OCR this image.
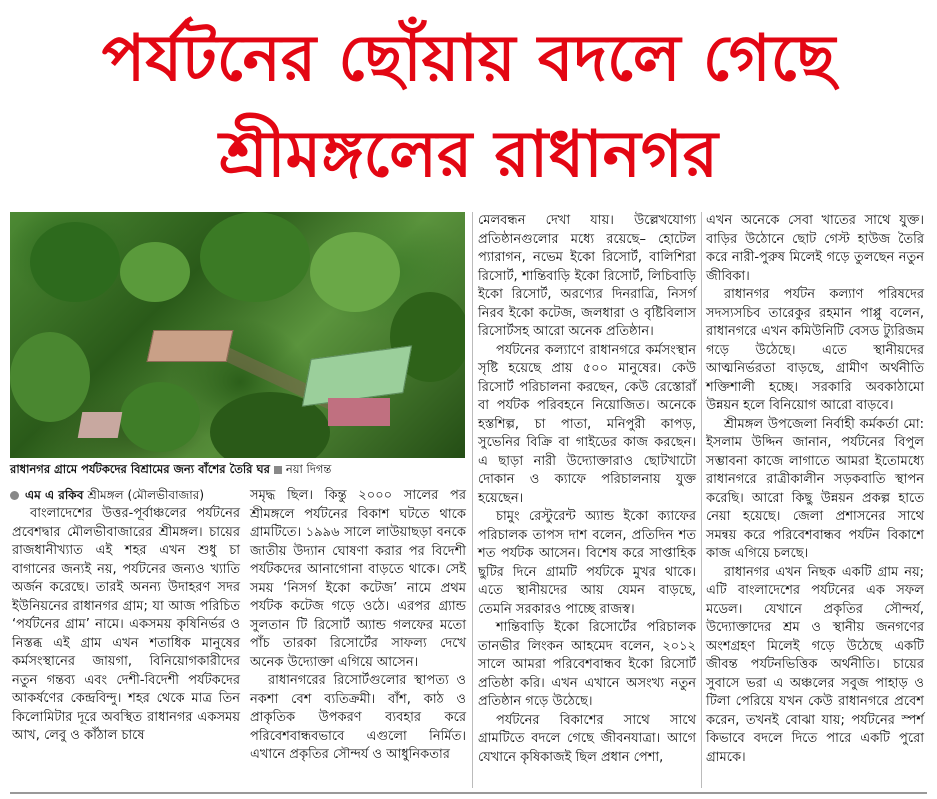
পর্যটনের ছোঁয়ায় বদলে গেছে
শ্রীমঙ্গলের রাধানগর
রাধানগর গ্রামে পর্যটকদের বিশ্রামের জন্য বাঁশের তৈরি ঘর নয়া দিগন্ত
এম এ রকিব শ্রীমঙ্গল (মৌলভীবাজার)

বাংলাদেশের উত্তর-পূর্বাঞ্চলের পর্যটনের প্রবেশদ্বার মৌলভীবাজারের শ্রীমঙ্গল। চায়ের রাজধানীখ্যাত এই শহর এখন শুধু চা বাগানের জন্যই নয়, পর্যটনের জন্যও খ্যাতি অর্জন করেছে। তারই অনন্য উদাহরণ সদর ইউনিয়নের রাধানগর গ্রাম; যা আজ পরিচিত ‘পর্যটনের গ্রাম’ নামে। একসময় কৃষিনির্ভর ও নিস্তব্ধ এই গ্রাম এখন শতাধিক মানুষের কর্মসংস্থানের জায়গা, বিনিয়োগকারীদের নতুন গন্তব্য এবং দেশী-বিদেশী পর্যটকদের আকর্ষণের কেন্দ্রবিন্দু। শহর থেকে মাত্র তিন কিলোমিটার দূরে অবস্থিত রাধানগর একসময় আখ, লেবু ও কাঁঠাল চাষে

সমৃদ্ধ ছিল। কিন্তু ২০০০ সালের পর শ্রীমঙ্গলে পর্যটনের বিকাশ ঘটতে থাকে গ্রামটিতে। ১৯৯৬ সালে লাউয়াছড়া বনকে জাতীয় উদ্যান ঘোষণা করার পর বিদেশী পর্যটকদের আনাগোনা বাড়তে থাকে। সেই সময় ‘নিসর্গ ইকো কটেজ’ নামে প্রথম পর্যটক কটেজ গড়ে ওঠে। এরপর গ্র্যান্ড সুলতান টি রিসোর্ট অ্যান্ড গলফের মতো পাঁচ তারকা রিসোর্টের সাফল্য দেখে অনেক উদ্যোক্তা এগিয়ে আসেন।

রাধানগরের রিসোর্টগুলোর স্থাপত্য ও নকশা বেশ ব্যতিক্রমী। বাঁশ, কাঠ ও প্রাকৃতিক উপকরণ ব্যবহার করে পরিবেশবান্ধবভাবে এগুলো নির্মিত। এখানে প্রকৃতির সৌন্দর্য ও আধুনিকতার

মেলবন্ধন দেখা যায়। উল্লেখযোগ্য প্রতিষ্ঠানগুলোর মধ্যে রয়েছে– হোটেল প্যারাগন, নভেম ইকো রিসোর্ট, বালিশিরা রিসোর্ট, শান্তিবাড়ি ইকো রিসোর্ট, লিচিবাড়ি ইকো রিসোর্ট, অরণ্যের দিনরাত্রি, নিসর্গ নিরব ইকো কটেজ, জলধারা ও বৃষ্টিবিলাস রিসোর্টসহ আরো অনেক প্রতিষ্ঠান।

পর্যটনের কল্যাণে রাধানগরে কর্মসংস্থান সৃষ্টি হয়েছে প্রায় ৫০০ মানুষের। কেউ রিসোর্ট পরিচালনা করছেন, কেউ রেস্তোরাঁ বা পর্যটক পরিবহনে নিয়োজিত। অনেকে হস্তশিল্প, চা পাতা, মনিপুরী কাপড়, সুভেনির বিক্রি বা গাইডের কাজ করছেন। এ ছাড়া নারী উদ্যোক্তারাও ছোটখাটো দোকান ও ক্যাফে পরিচালনায় যুক্ত হয়েছেন।

চামুং রেস্টুরেন্ট অ্যান্ড ইকো ক্যাফের পরিচালক তাপস দাশ বলেন, প্রতিদিন শত শত পর্যটক আসেন। বিশেষ করে সাপ্তাহিক ছুটির দিনে গ্রামটি পর্যটকে মুখর থাকে। এতে স্থানীয়দের আয় যেমন বাড়ছে, তেমনি সরকারও পাচ্ছে রাজস্ব।

শান্তিবাড়ি ইকো রিসোর্টের পরিচালক তানভীর লিংকন আহমেদ বলেন, ২০১২ সালে আমরা পরিবেশবান্ধব ইকো রিসোর্ট প্রতিষ্ঠা করি। এখন এখানে অসংখ্য নতুন প্রতিষ্ঠান গড়ে উঠেছে।

পর্যটনের বিকাশের সাথে সাথে গ্রামটিতে বদলে গেছে জীবনযাত্রা। আগে যেখানে কৃষিকাজই ছিল প্রধান পেশা,

এখন অনেকে সেবা খাতের সাথে যুক্ত। বাড়ির উঠোনে ছোট গেস্ট হাউজ তৈরি করে নারী-পুরুষ মিলেই গড়ে তুলছেন নতুন জীবিকা।

রাধানগর পর্যটন কল্যাণ পরিষদের সদস্যসচিব তারেকুর রহমান পাপ্পু বলেন, রাধানগরে এখন কমিউনিটি বেসড ট্যুরিজম গড়ে উঠেছে। এতে স্থানীয়দের আত্মনির্ভরতা বাড়ছে, গ্রামীণ অর্থনীতি শক্তিশালী হচ্ছে। সরকারি অবকাঠামো উন্নয়ন হলে বিনিয়োগ আরো বাড়বে।

শ্রীমঙ্গল উপজেলা নির্বাহী কর্মকর্তা মো: ইসলাম উদ্দিন জানান, পর্যটনের বিপুল সম্ভাবনা কাজে লাগাতে আমরা ইতোমধ্যে রাধানগরে রাত্রীকালীন সড়কবাতি স্থাপন করেছি। আরো কিছু উন্নয়ন প্রকল্প হাতে নেয়া হয়েছে। জেলা প্রশাসনের সাথে সমন্বয় করে পরিবেশবান্ধব পর্যটন বিকাশে কাজ এগিয়ে চলছে।

রাধানগর এখন নিছক একটি গ্রাম নয়; এটি বাংলাদেশের পর্যটনের এক সফল মডেল। যেখানে প্রকৃতির সৌন্দর্য, উদ্যোক্তাদের শ্রম ও স্থানীয় জনগণের অংশগ্রহণ মিলেই গড়ে উঠেছে একটি জীবন্ত পর্যটনভিত্তিক অর্থনীতি। চায়ের সুবাসে ভরা এ অঞ্চলের সবুজ পাহাড় ও টিলা পেরিয়ে যখন কেউ রাধানগরে প্রবেশ করেন, তখনই বোঝা যায়; পর্যটনের স্পর্শ কিভাবে বদলে দিতে পারে একটি পুরো গ্রামকে।
